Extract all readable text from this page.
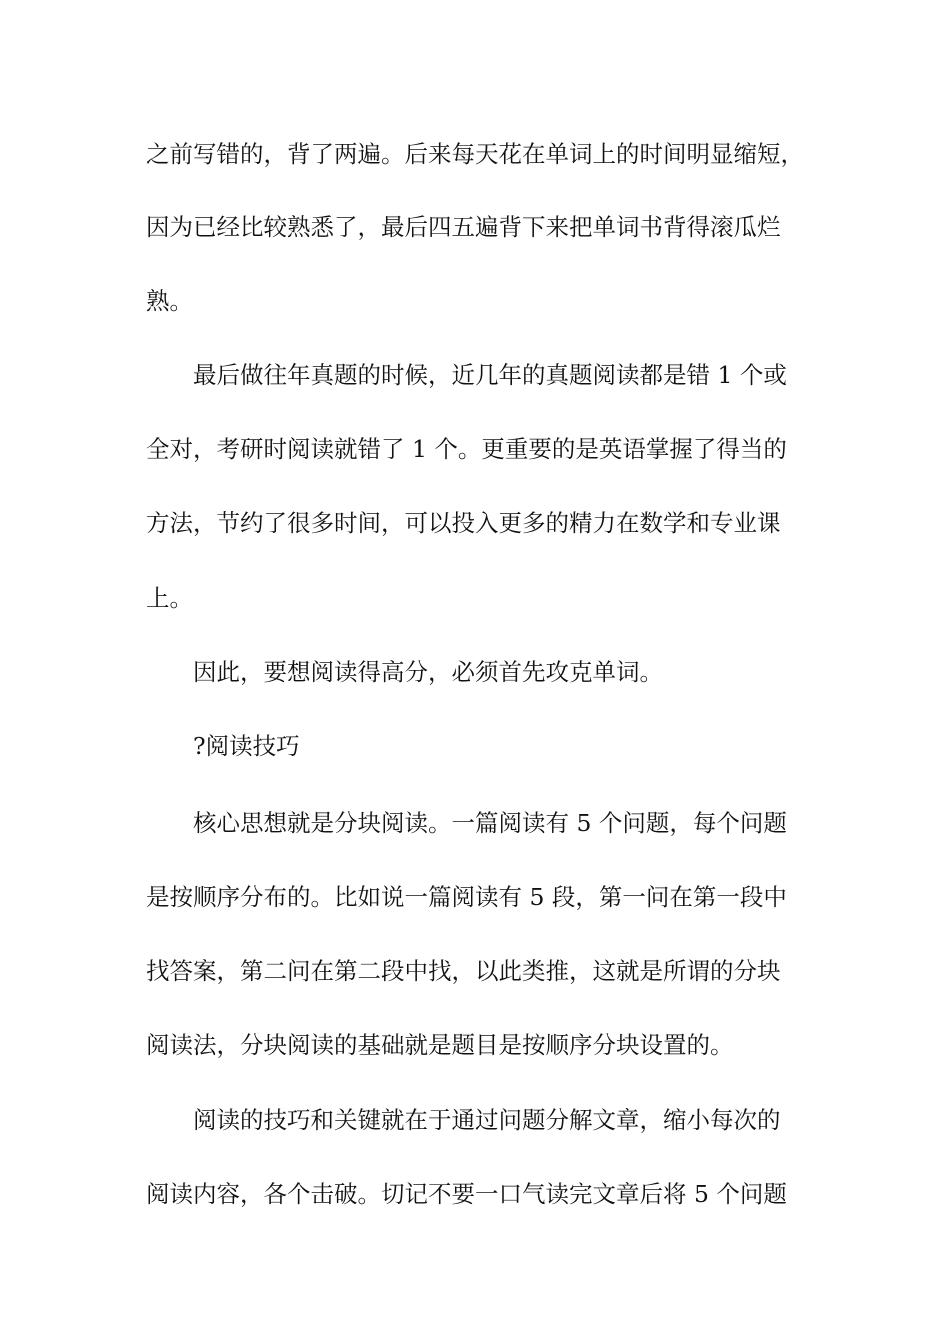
之前写错的，背了两遍。后来每天花在单词上的时间明显缩短，
因为已经比较熟悉了，最后四五遍背下来把单词书背得滚瓜烂
熟。
最后做往年真题的时候，近几年的真题阅读都是错 1 个或
全对，考研时阅读就错了 1 个。更重要的是英语掌握了得当的
方法，节约了很多时间，可以投入更多的精力在数学和专业课
上。
因此，要想阅读得高分，必须首先攻克单词。
?阅读技巧
核心思想就是分块阅读。一篇阅读有 5 个问题，每个问题
是按顺序分布的。比如说一篇阅读有 5 段，第一问在第一段中
找答案，第二问在第二段中找，以此类推，这就是所谓的分块
阅读法，分块阅读的基础就是题目是按顺序分块设置的。
阅读的技巧和关键就在于通过问题分解文章，缩小每次的
阅读内容，各个击破。切记不要一口气读完文章后将 5 个问题
